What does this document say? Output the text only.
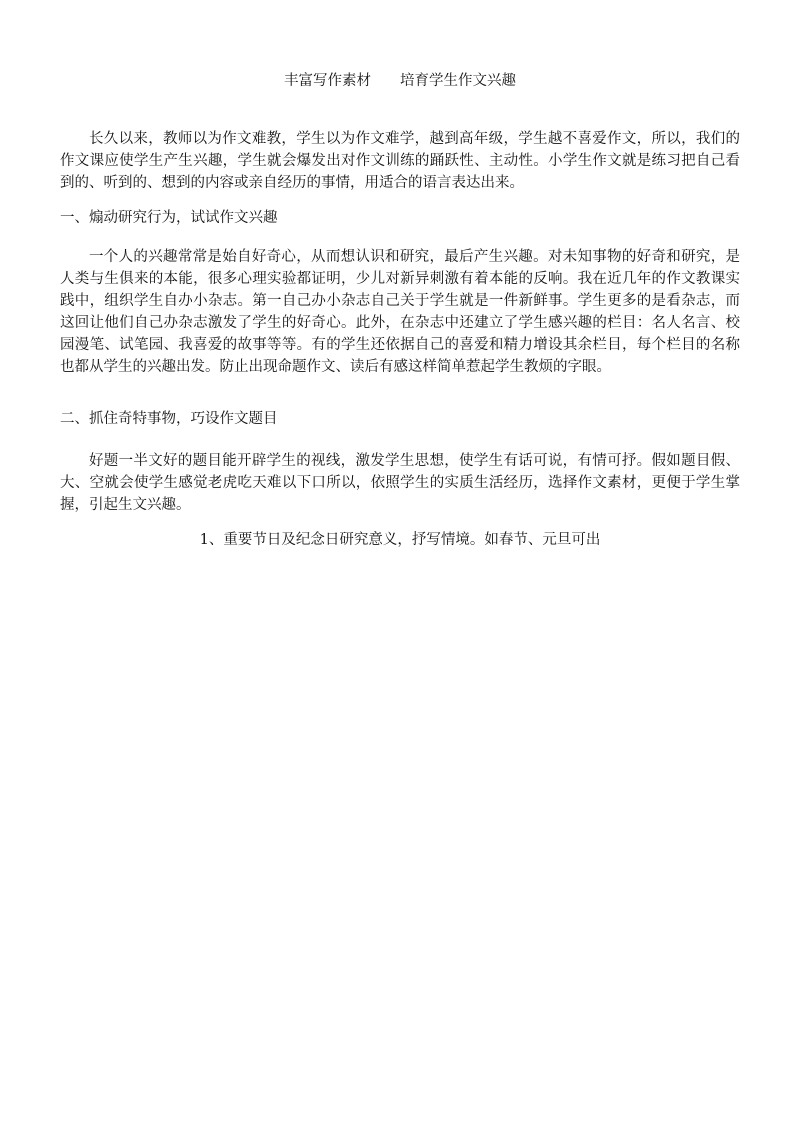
丰富写作素材　　培育学生作文兴趣

长久以来，教师以为作文难教，学生以为作文难学，越到高年级，学生越不喜爱作文，所以，我们的作文课应使学生产生兴趣，学生就会爆发出对作文训练的踊跃性、主动性。小学生作文就是练习把自己看到的、听到的、想到的内容或亲自经历的事情，用适合的语言表达出来。

一、煽动研究行为，试试作文兴趣

一个人的兴趣常常是始自好奇心，从而想认识和研究，最后产生兴趣。对未知事物的好奇和研究，是人类与生俱来的本能，很多心理实验都证明，少儿对新异刺激有着本能的反响。我在近几年的作文教课实践中，组织学生自办小杂志。第一自己办小杂志自己关于学生就是一件新鲜事。学生更多的是看杂志，而这回让他们自己办杂志激发了学生的好奇心。此外，在杂志中还建立了学生感兴趣的栏目：名人名言、校园漫笔、试笔园、我喜爱的故事等等。有的学生还依据自己的喜爱和精力增设其余栏目，每个栏目的名称也都从学生的兴趣出发。防止出现命题作文、读后有感这样简单惹起学生教烦的字眼。

二、抓住奇特事物，巧设作文题目

好题一半文好的题目能开辟学生的视线，激发学生思想，使学生有话可说，有情可抒。假如题目假、大、空就会使学生感觉老虎吃天难以下口所以，依照学生的实质生活经历，选择作文素材，更便于学生掌握，引起生文兴趣。

1、重要节日及纪念日研究意义，抒写情境。如春节、元旦可出
